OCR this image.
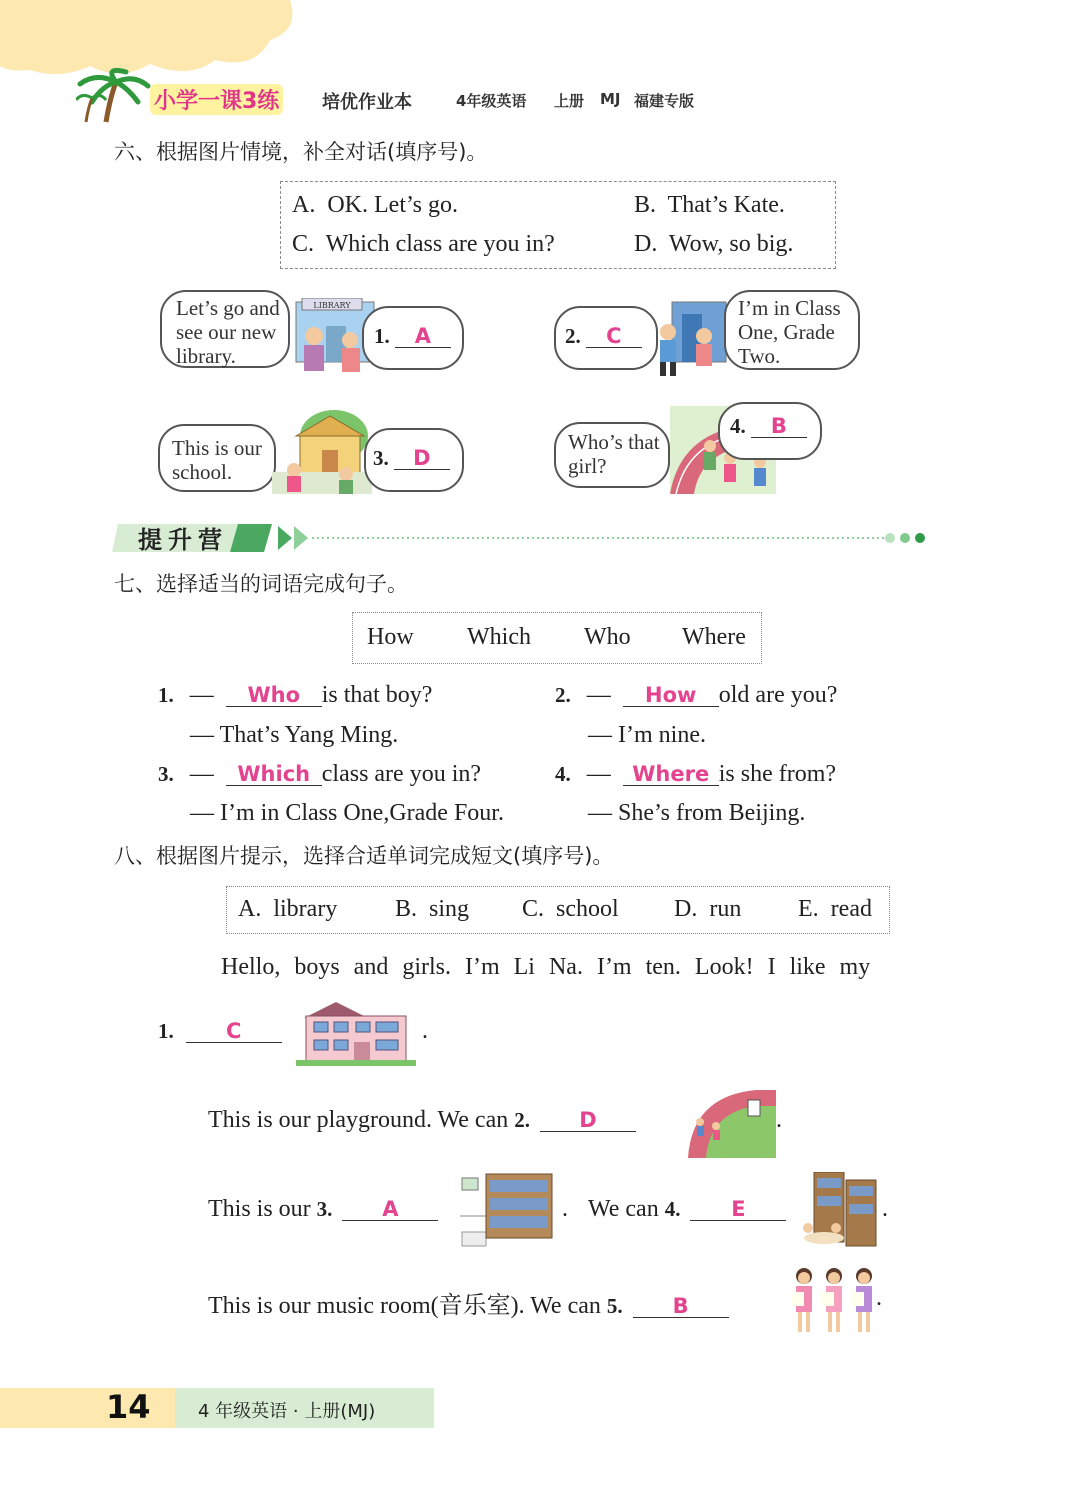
小学一课3练 培优作业本	4年级英语 上册 MJ 福建专版
六、根据图片情境，补全对话(填序号)。
A. OK. Let’s go.	B. That’s Kate.
C. Which class are you in?	D. Wow, so big.
Let’s go and
see our new
library.
LIBRARY
1. A	2. C
I’m in Class
One, Grade
Two.
This is our
school.
3. D
Who’s that
girl?
4. B
提升营
七、选择适当的词语完成句子。
How Which Who Where
1. — Who is that boy?
— That’s Yang Ming.
2. — How old are you?
— I’m nine.
3. — Which class are you in?
— I’m in Class One,Grade Four.
4. — Where is she from?
— She’s from Beijing.
八、根据图片提示，选择合适单词完成短文(填序号)。
A. library B. sing C. school D. run E. read
Hello, boys and girls. I’m Li Na. I’m ten. Look! I like my
1. C	.
This is our playground. We can 2. D	.
This is our 3. A	. We can 4. E	.
This is our music room(音乐室). We can 5. B	.
14	4 年级英语 · 上册(MJ)
